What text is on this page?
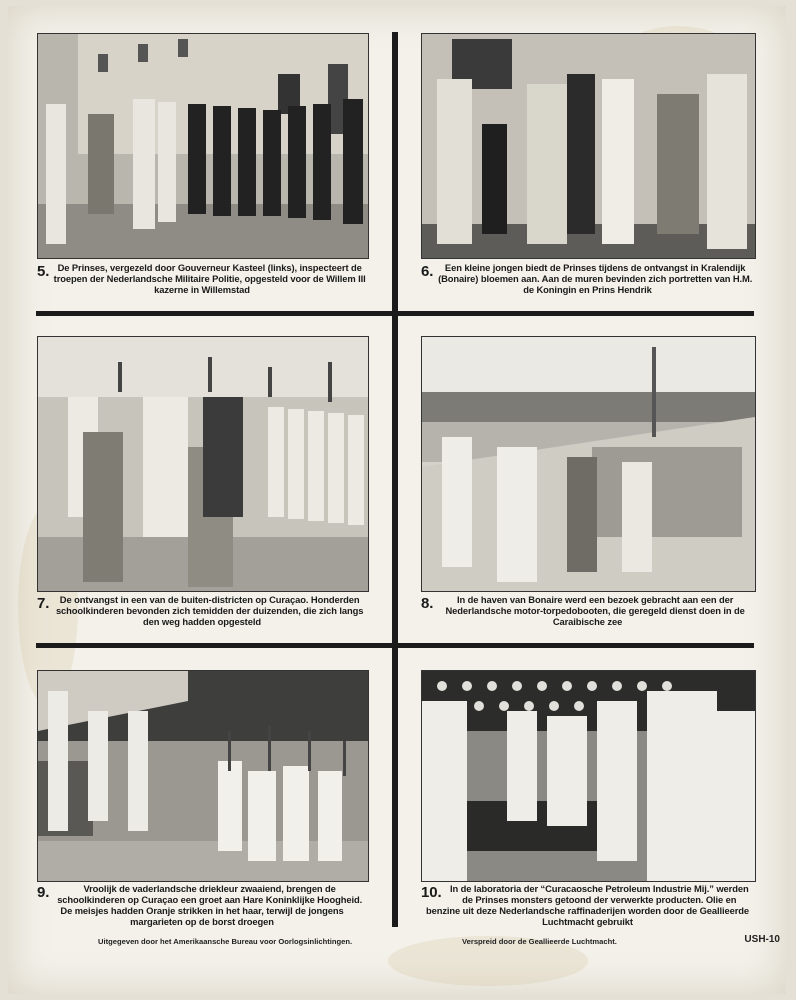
5. De Prinses, vergezeld door Gouverneur Kasteel (links), inspecteert de troepen der Nederlandsche Militaire Politie, opgesteld voor de Willem III kazerne in Willemstad
6. Een kleine jongen biedt de Prinses tijdens de ontvangst in Kralendijk (Bonaire) bloemen aan. Aan de muren bevinden zich portretten van H.M. de Koningin en Prins Hendrik
7. De ontvangst in een van de buiten-districten op Curaçao. Honderden schoolkinderen bevonden zich temidden der duizenden, die zich langs den weg hadden opgesteld
8.	In de haven van Bonaire werd een bezoek gebracht aan een der Nederlandsche motor-torpedobooten, die geregeld dienst doen in de Caraibische zee
9.	Vroolijk de vaderlandsche driekleur zwaaiend, brengen de schoolkinderen op Curaçao een groet aan Hare Koninklijke Hoogheid. De meisjes hadden Oranje strikken in het haar, terwijl de jongens margarieten op de borst droegen
10. In de laboratoria der “Curacaosche Petroleum Industrie Mij.” werden de Prinses monsters getoond der verwerkte producten. Olie en benzine uit deze Nederlandsche raffinaderijen worden door de Geallieerde Luchtmacht gebruikt
Uitgegeven door het Amerikaansche Bureau voor Oorlogsinlichtingen.	Verspreid door de Geallieerde Luchtmacht.	USH-10
